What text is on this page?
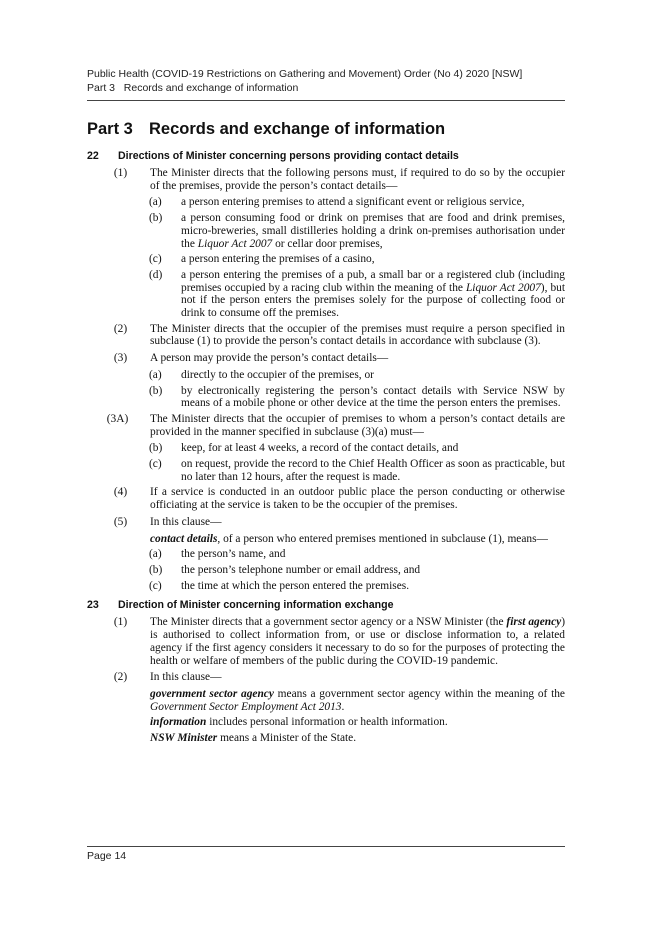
Public Health (COVID-19 Restrictions on Gathering and Movement) Order (No 4) 2020 [NSW]
Part 3   Records and exchange of information
Part 3 Records and exchange of information
22	Directions of Minister concerning persons providing contact details
(1)	The Minister directs that the following persons must, if required to do so by the occupier of the premises, provide the person’s contact details—
(a)	a person entering premises to attend a significant event or religious service,
(b)	a person consuming food or drink on premises that are food and drink premises, micro-breweries, small distilleries holding a drink on-premises authorisation under the Liquor Act 2007 or cellar door premises,
(c)	a person entering the premises of a casino,
(d)	a person entering the premises of a pub, a small bar or a registered club (including premises occupied by a racing club within the meaning of the Liquor Act 2007), but not if the person enters the premises solely for the purpose of collecting food or drink to consume off the premises.
(2)	The Minister directs that the occupier of the premises must require a person specified in subclause (1) to provide the person’s contact details in accordance with subclause (3).
(3)	A person may provide the person’s contact details—
(a)	directly to the occupier of the premises, or
(b)	by electronically registering the person’s contact details with Service NSW by means of a mobile phone or other device at the time the person enters the premises.
(3A)	The Minister directs that the occupier of premises to whom a person’s contact details are provided in the manner specified in subclause (3)(a) must—
(b)	keep, for at least 4 weeks, a record of the contact details, and
(c)	on request, provide the record to the Chief Health Officer as soon as practicable, but no later than 12 hours, after the request is made.
(4)	If a service is conducted in an outdoor public place the person conducting or otherwise officiating at the service is taken to be the occupier of the premises.
(5)	In this clause—
contact details, of a person who entered premises mentioned in subclause (1), means—
(a)	the person’s name, and
(b)	the person’s telephone number or email address, and
(c)	the time at which the person entered the premises.
23	Direction of Minister concerning information exchange
(1)	The Minister directs that a government sector agency or a NSW Minister (the first agency) is authorised to collect information from, or use or disclose information to, a related agency if the first agency considers it necessary to do so for the purposes of protecting the health or welfare of members of the public during the COVID-19 pandemic.
(2)	In this clause—
government sector agency means a government sector agency within the meaning of the Government Sector Employment Act 2013.
information includes personal information or health information.
NSW Minister means a Minister of the State.
Page 14
